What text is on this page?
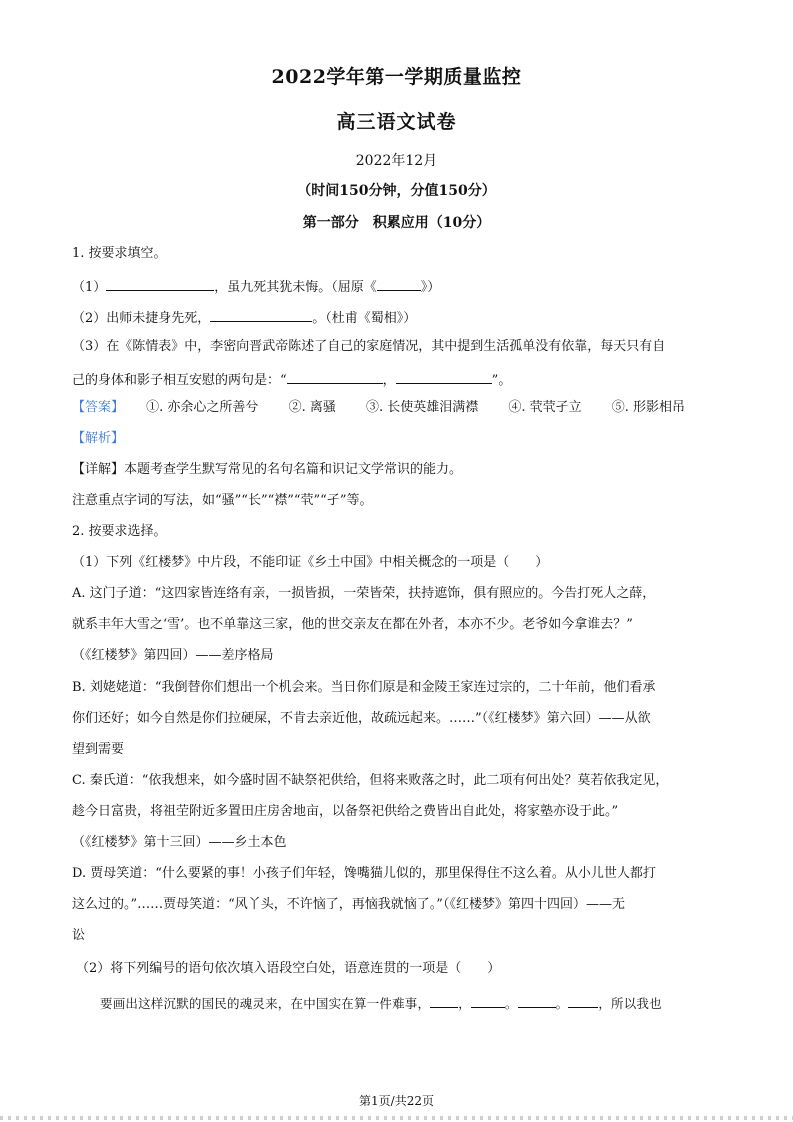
2022学年第一学期质量监控
高三语文试卷
2022年12月
（时间150分钟，分值150分）
第一部分　积累应用（10分）
1. 按要求填空。
（1）	，虽九死其犹未悔。（屈原《	》）
（2）出师未捷身先死，	。（杜甫《蜀相》）
（3）在《陈情表》中，李密向晋武帝陈述了自己的家庭情况，其中提到生活孤单没有依靠，每天只有自
己的身体和影子相互安慰的两句是：“	，	”。
【答案】 ①. 亦余心之所善兮 ②. 离骚 ③. 长使英雄泪满襟 ④. 茕茕孑立 ⑤. 形影相吊
【解析】
【详解】本题考查学生默写常见的名句名篇和识记文学常识的能力。
注意重点字词的写法，如“骚”“长”“襟”“茕”“孑”等。
2. 按要求选择。
（1）下列《红楼梦》中片段，不能印证《乡土中国》中相关概念的一项是（　　）
A. 这门子道：“这四家皆连络有亲，一损皆损，一荣皆荣，扶持遮饰，俱有照应的。今告打死人之薛，
就系丰年大雪之‘雪’。也不单靠这三家，他的世交亲友在都在外者，本亦不少。老爷如今拿谁去？”
（《红楼梦》第四回）——差序格局
B. 刘姥姥道：“我倒替你们想出一个机会来。当日你们原是和金陵王家连过宗的，二十年前，他们看承
你们还好；如今自然是你们拉硬屎，不肯去亲近他，故疏远起来。……”（《红楼梦》第六回）——从欲
望到需要
C. 秦氏道：“依我想来，如今盛时固不缺祭祀供给，但将来败落之时，此二项有何出处？莫若依我定见，
趁今日富贵，将祖茔附近多置田庄房舍地亩，以备祭祀供给之费皆出自此处，将家塾亦设于此。”
（《红楼梦》第十三回）——乡土本色
D. 贾母笑道：“什么要紧的事！小孩子们年轻，馋嘴猫儿似的，那里保得住不这么着。从小儿世人都打
这么过的。”……贾母笑道：“风丫头，不许恼了，再恼我就恼了。”（《红楼梦》第四十四回）——无
讼
（2）将下列编号的语句依次填入语段空白处，语意连贯的一项是（　　）
要画出这样沉默的国民的魂灵来，在中国实在算一件难事， ，	。	。 ，所以我也
第1页/共22页
